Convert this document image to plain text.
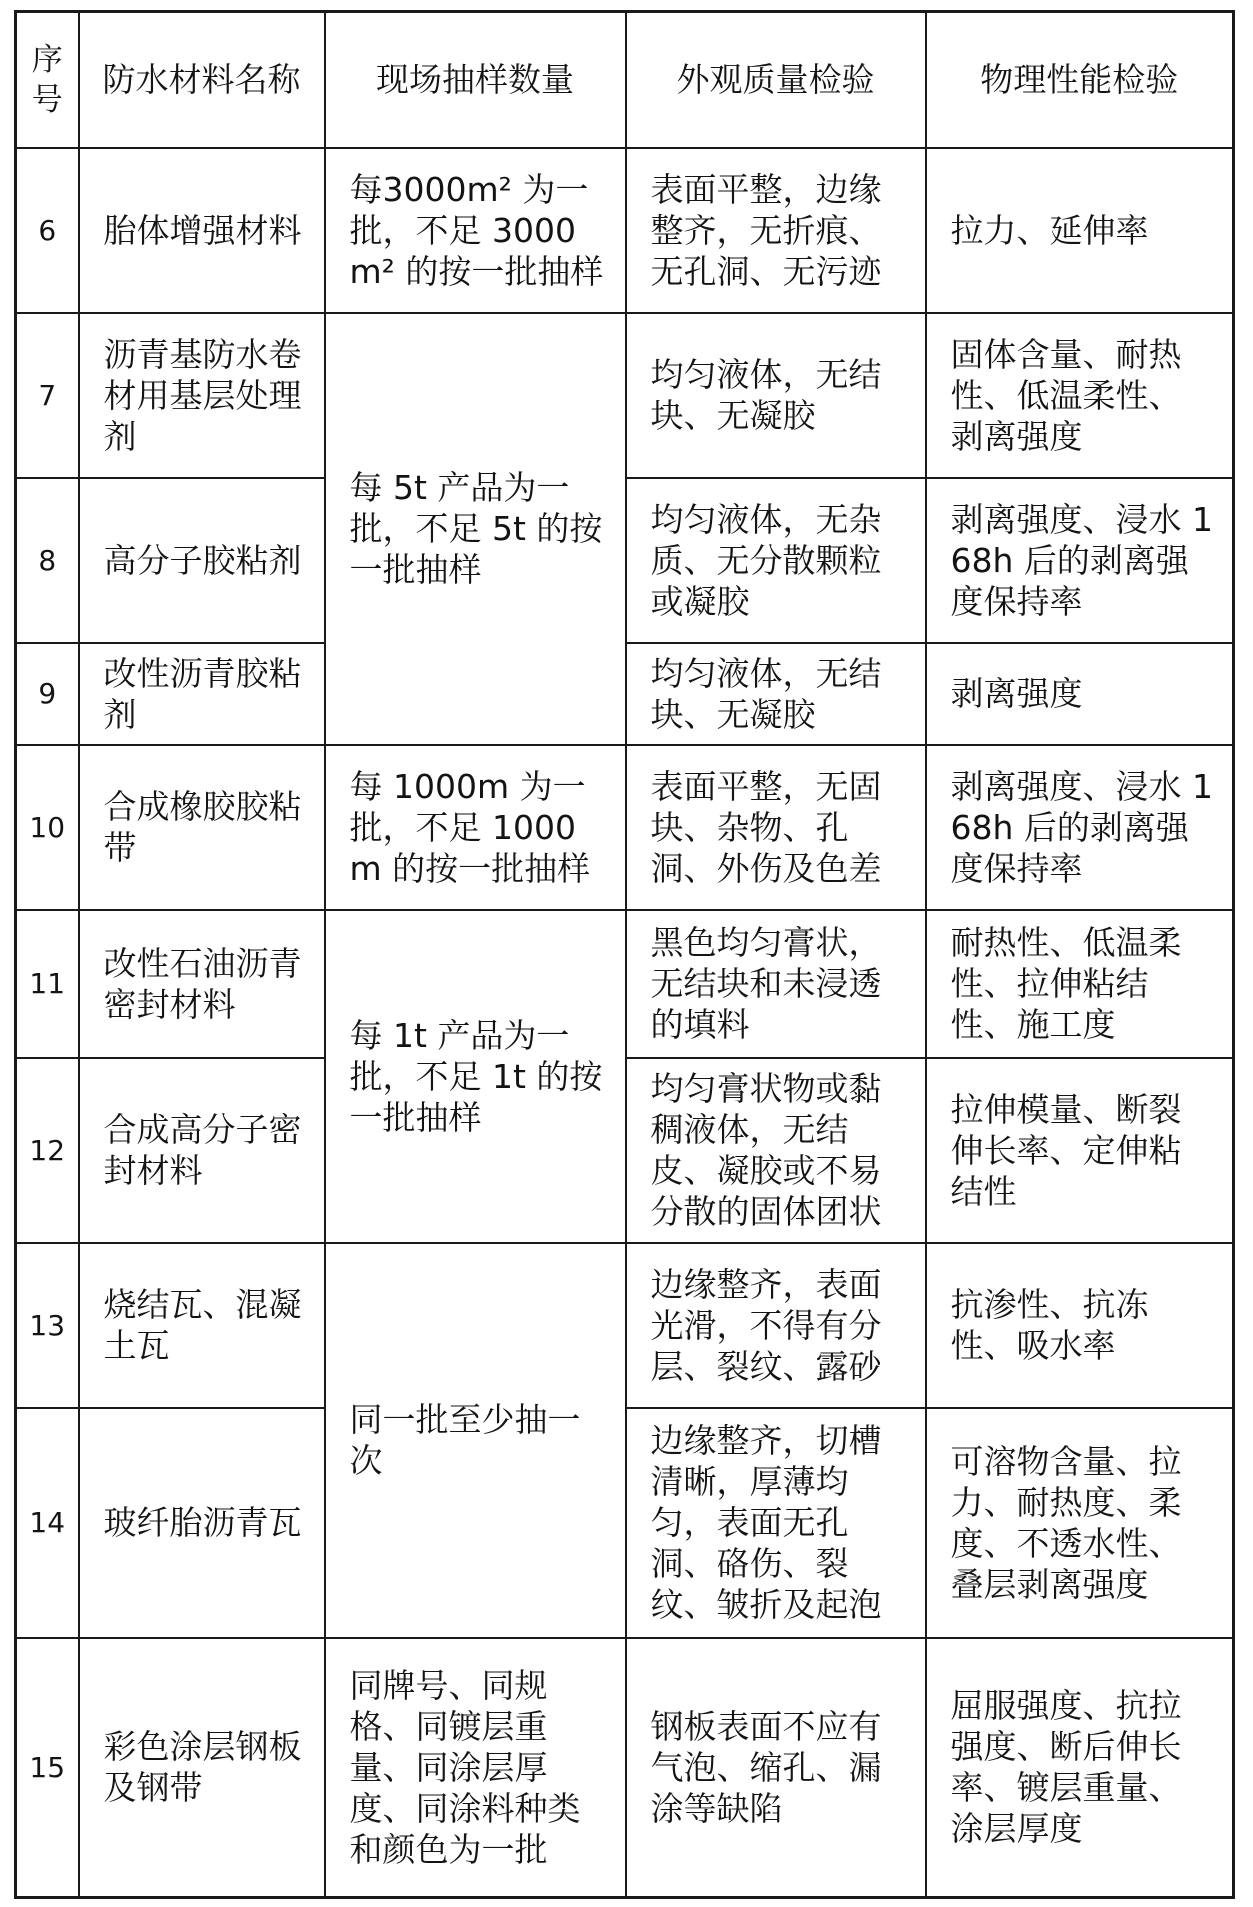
序号	防水材料名称	现场抽样数量	外观质量检验	物理性能检验
6	胎体增强材料	每3000m² 为一批，不足 3000m² 的按一批抽样	表面平整，边缘整齐，无折痕、无孔洞、无污迹	拉力、延伸率
7	沥青基防水卷材用基层处理剂	每 5t 产品为一批，不足 5t 的按一批抽样	均匀液体，无结块、无凝胶	固体含量、耐热性、低温柔性、剥离强度
8	高分子胶粘剂		均匀液体，无杂质、无分散颗粒或凝胶	剥离强度、浸水 168h 后的剥离强度保持率
9	改性沥青胶粘剂		均匀液体，无结块、无凝胶	剥离强度
10	合成橡胶胶粘带	每 1000m 为一批，不足 1000m 的按一批抽样	表面平整，无固块、杂物、孔洞、外伤及色差	剥离强度、浸水 168h 后的剥离强度保持率
11	改性石油沥青密封材料	每 1t 产品为一批，不足 1t 的按一批抽样	黑色均匀膏状，无结块和未浸透的填料	耐热性、低温柔性、拉伸粘结性、施工度
12	合成高分子密封材料		均匀膏状物或黏稠液体，无结皮、凝胶或不易分散的固体团状	拉伸模量、断裂伸长率、定伸粘结性
13	烧结瓦、混凝土瓦	同一批至少抽一次	边缘整齐，表面光滑，不得有分层、裂纹、露砂	抗渗性、抗冻性、吸水率
14	玻纤胎沥青瓦		边缘整齐，切槽清晰，厚薄均匀，表面无孔洞、硌伤、裂纹、皱折及起泡	可溶物含量、拉力、耐热度、柔度、不透水性、叠层剥离强度
15	彩色涂层钢板及钢带	同牌号、同规格、同镀层重量、同涂层厚度、同涂料种类和颜色为一批	钢板表面不应有气泡、缩孔、漏涂等缺陷	屈服强度、抗拉强度、断后伸长率、镀层重量、涂层厚度
